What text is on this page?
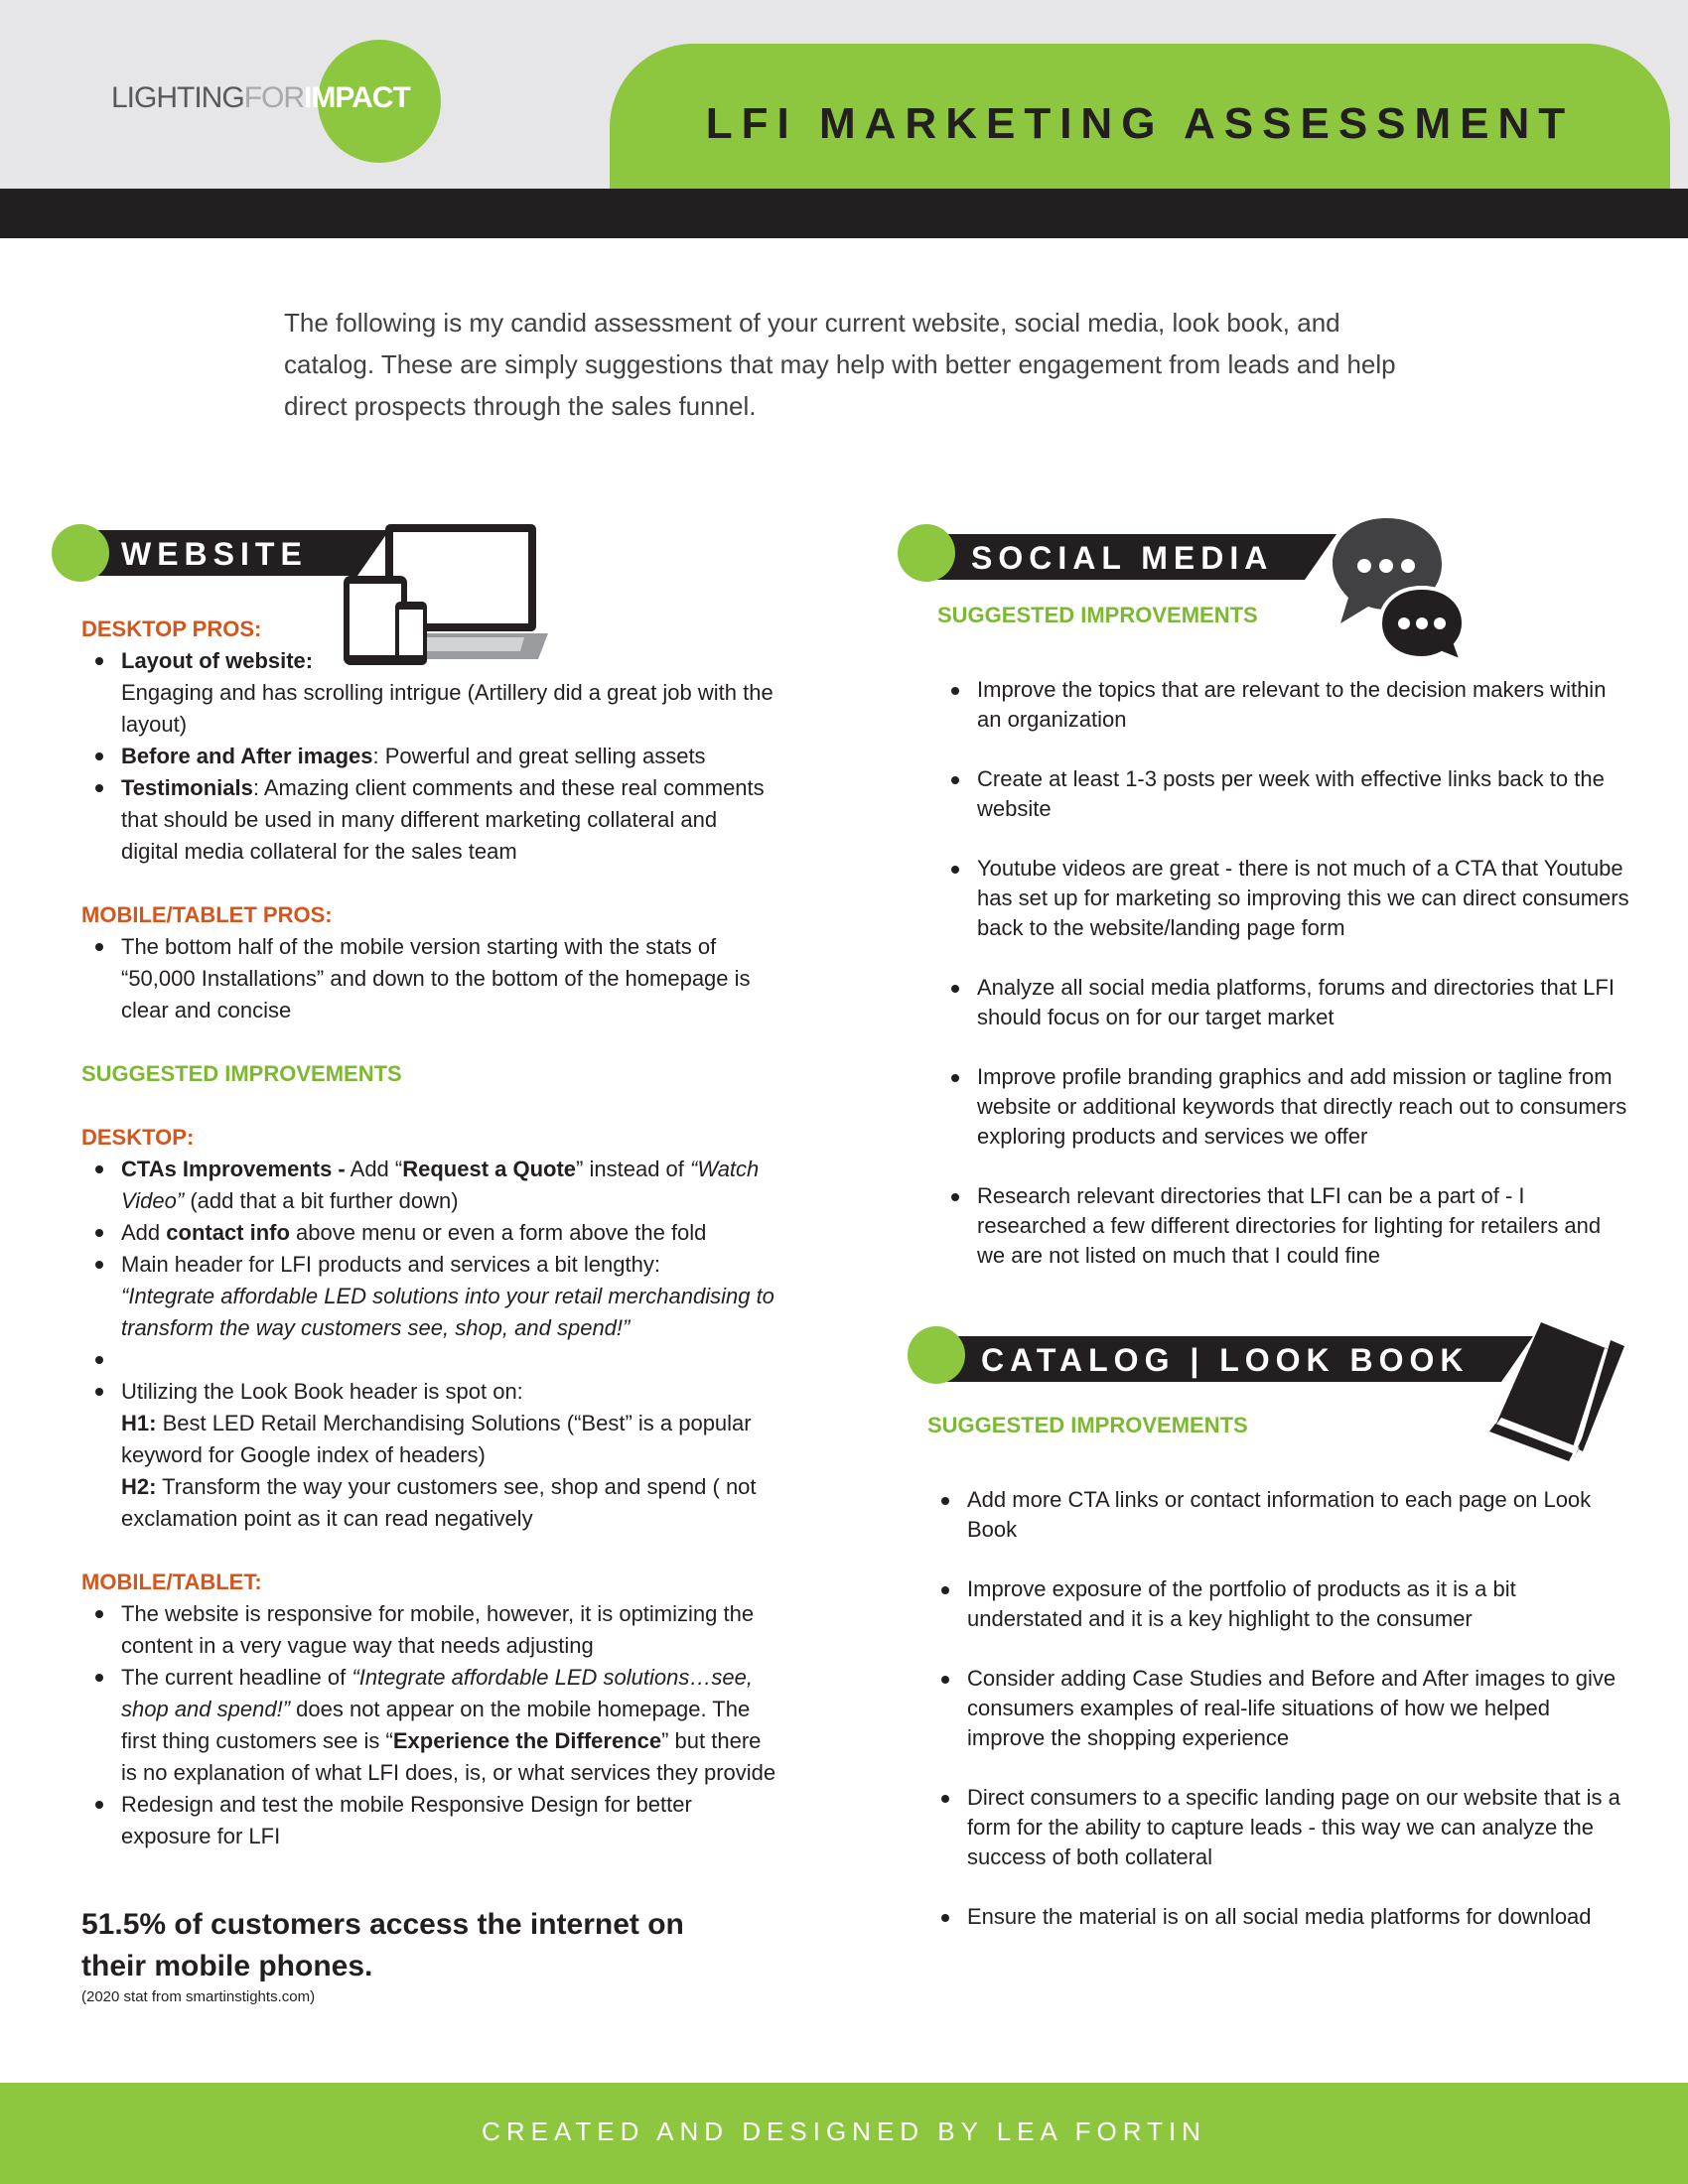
LIGHTINGFORIMPACT
LFI MARKETING ASSESSMENT

The following is my candid assessment of your current website, social media, look book, and catalog. These are simply suggestions that may help with better engagement from leads and help direct prospects through the sales funnel.

WEBSITE
DESKTOP PROS:
Layout of website:
Engaging and has scrolling intrigue (Artillery did a great job with the layout)
Before and After images: Powerful and great selling assets
Testimonials: Amazing client comments and these real comments that should be used in many different marketing collateral and digital media collateral for the sales team
MOBILE/TABLET PROS:
The bottom half of the mobile version starting with the stats of “50,000 Installations” and down to the bottom of the homepage is clear and concise
SUGGESTED IMPROVEMENTS
DESKTOP:
CTAs Improvements - Add “Request a Quote” instead of “Watch Video” (add that a bit further down)
Add contact info above menu or even a form above the fold
Main header for LFI products and services a bit lengthy:
“Integrate affordable LED solutions into your retail merchandising to transform the way customers see, shop, and spend!”
Utilizing the Look Book header is spot on:
H1: Best LED Retail Merchandising Solutions (“Best” is a popular keyword for Google index of headers)
H2: Transform the way your customers see, shop and spend ( not exclamation point as it can read negatively
MOBILE/TABLET:
The website is responsive for mobile, however, it is optimizing the content in a very vague way that needs adjusting
The current headline of “Integrate affordable LED solutions…see, shop and spend!” does not appear on the mobile homepage. The first thing customers see is “Experience the Difference” but there is no explanation of what LFI does, is, or what services they provide
Redesign and test the mobile Responsive Design for better exposure for LFI
51.5% of customers access the internet on their mobile phones.
(2020 stat from smartinstights.com)
SOCIAL MEDIA
SUGGESTED IMPROVEMENTS
Improve the topics that are relevant to the decision makers within an organization
Create at least 1-3 posts per week with effective links back to the website
Youtube videos are great - there is not much of a CTA that Youtube has set up for marketing so improving this we can direct consumers back to the website/landing page form
Analyze all social media platforms, forums and directories that LFI should focus on for our target market
Improve profile branding graphics and add mission or tagline from website or additional keywords that directly reach out to consumers exploring products and services we offer
Research relevant directories that LFI can be a part of - I researched a few different directories for lighting for retailers and we are not listed on much that I could fine
CATALOG | LOOK BOOK
SUGGESTED IMPROVEMENTS
Add more CTA links or contact information to each page on Look Book
Improve exposure of the portfolio of products as it is a bit understated and it is a key highlight to the consumer
Consider adding Case Studies and Before and After images to give consumers examples of real-life situations of how we helped improve the shopping experience
Direct consumers to a specific landing page on our website that is a form for the ability to capture leads - this way we can analyze the success of both collateral
Ensure the material is on all social media platforms for download
CREATED AND DESIGNED BY LEA FORTIN
